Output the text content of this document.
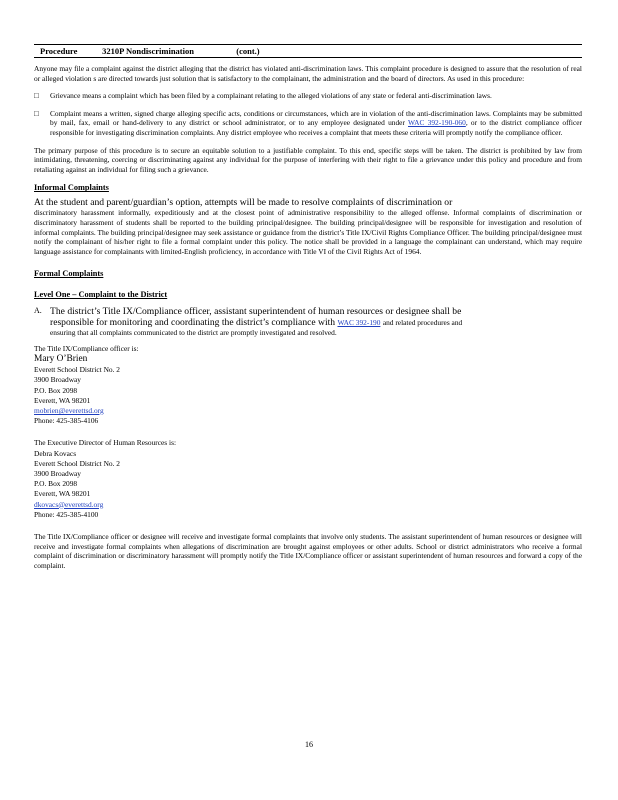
Procedure	3210P Nondiscrimination	(cont.)

Anyone may file a complaint against the district alleging that the district has violated anti-discrimination laws. This complaint procedure is designed to assure that the resolution of real or alleged violation s are directed towards just solution that is satisfactory to the complainant, the administration and the board of directors. As used in this procedure:

□	Grievance means a complaint which has been filed by a complainant relating to the alleged violations of any state or federal anti-discrimination laws.
□	Complaint means a written, signed charge alleging specific acts, conditions or circumstances, which are in violation of the anti-discrimination laws. Complaints may be submitted by mail, fax, email or hand-delivery to any district or school administrator, or to any employee designated under WAC 392-190-060, or to the district compliance officer responsible for investigating discrimination complaints. Any district employee who receives a complaint that meets these criteria will promptly notify the compliance officer.

The primary purpose of this procedure is to secure an equitable solution to a justifiable complaint. To this end, specific steps will be taken. The district is prohibited by law from intimidating, threatening, coercing or discriminating against any individual for the purpose of interfering with their right to file a grievance under this policy and procedure and from retaliating against an individual for filing such a grievance.

Informal Complaints

At the student and parent/guardian’s option, attempts will be made to resolve complaints of discrimination or

discriminatory harassment informally, expeditiously and at the closest point of administrative responsibility to the alleged offense. Informal complaints of discrimination or discriminatory harassment of students shall be reported to the building principal/designee. The building principal/designee will be responsible for investigation and resolution of informal complaints. The building principal/designee may seek assistance or guidance from the district’s Title IX/Civil Rights Compliance Officer. The building principal/designee must notify the complainant of his/her right to file a formal complaint under this policy. The notice shall be provided in a language the complainant can understand, which may require language assistance for complainants with limited-English proficiency, in accordance with Title VI of the Civil Rights Act of 1964.

Formal Complaints
Level One – Complaint to the District
A. The district’s Title IX/Compliance officer, assistant superintendent of human resources or designee shall be

responsible for monitoring and coordinating the district’s compliance with WAC 392-190 and related procedures and

ensuring that all complaints communicated to the district are promptly investigated and resolved.

The Title IX/Compliance officer is:
Mary O’Brien
Everett School District No. 2
3900 Broadway
P.O. Box 2098
Everett, WA 98201
mobrien@everettsd.org
Phone: 425-385-4106
The Executive Director of Human Resources is:
Debra Kovacs
Everett School District No. 2
3900 Broadway
P.O. Box 2098
Everett, WA 98201
dkovacs@everettsd.org
Phone: 425-385-4100

The Title IX/Compliance officer or designee will receive and investigate formal complaints that involve only students. The assistant superintendent of human resources or designee will receive and investigate formal complaints when allegations of discrimination are brought against employees or other adults. School or district administrators who receive a formal complaint of discrimination or discriminatory harassment will promptly notify the Title IX/Compliance officer or assistant superintendent of human resources and forward a copy of the complaint.

16
